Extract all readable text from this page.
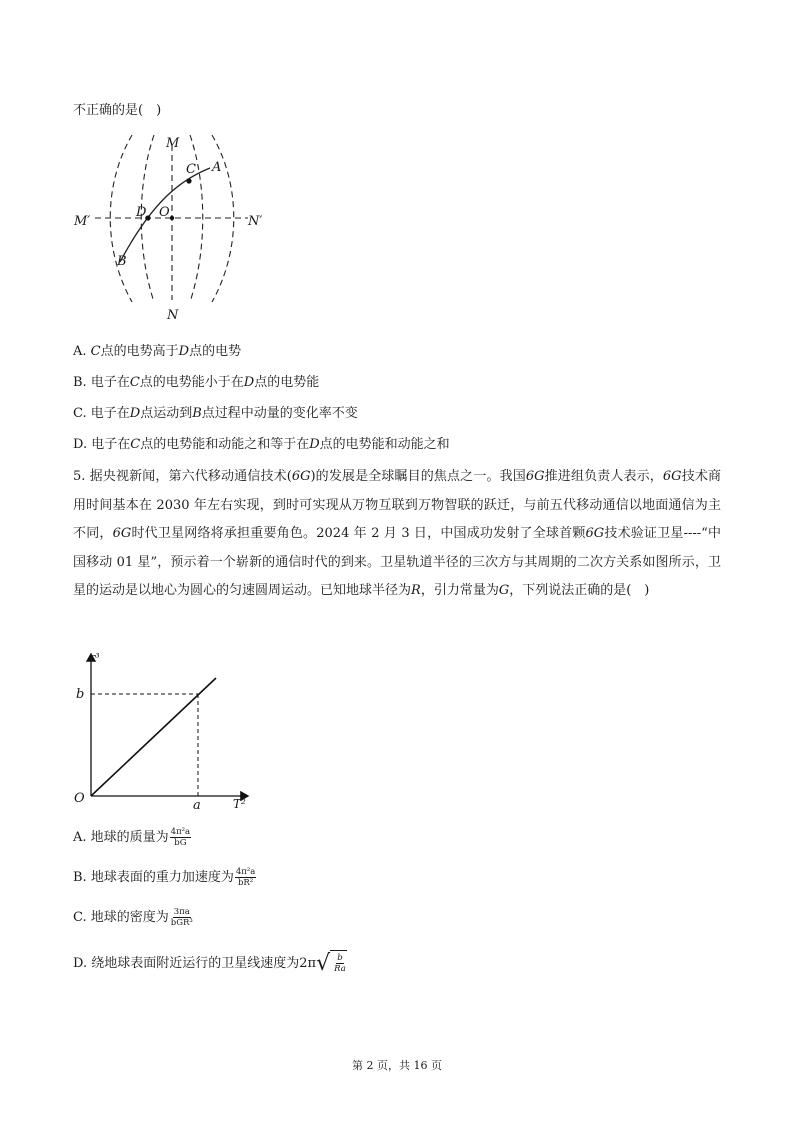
不正确的是(　)
M
N
M′	N′
A
C
B
D O
A. C点的电势高于D点的电势
B. 电子在C点的电势能小于在D点的电势能
C. 电子在D点运动到B点过程中动量的变化率不变
D. 电子在C点的电势能和动能之和等于在D点的电势能和动能之和
5. 据央视新闻，第六代移动通信技术(6G)的发展是全球瞩目的焦点之一。我国6G推进组负责人表示，6G技术商用时间基本在 2030 年左右实现，到时可实现从万物互联到万物智联的跃迁，与前五代移动通信以地面通信为主不同，6G时代卫星网络将承担重要角色。2024 年 2 月 3 日，中国成功发射了全球首颗6G技术验证卫星----“中国移动 01 星”，预示着一个崭新的通信时代的到来。卫星轨道半径的三次方与其周期的二次方关系如图所示，卫星的运动是以地心为圆心的匀速圆周运动。已知地球半径为R，引力常量为G，下列说法正确的是(　)
r³
T²
b
a
O
A. 地球的质量为 $\frac{\text{4π²a}}{bG}$
B. 地球表面的重力加速度为 $\frac{\text{4π²a}}{\text{bR²}}$
C. 地球的密度为 $\frac{3\pi a}{\text{bGR³}}$
D. 绕地球表面附近运行的卫星线速度为2π √ $\frac{b}{Ra}$
第 2 页，共 16 页
